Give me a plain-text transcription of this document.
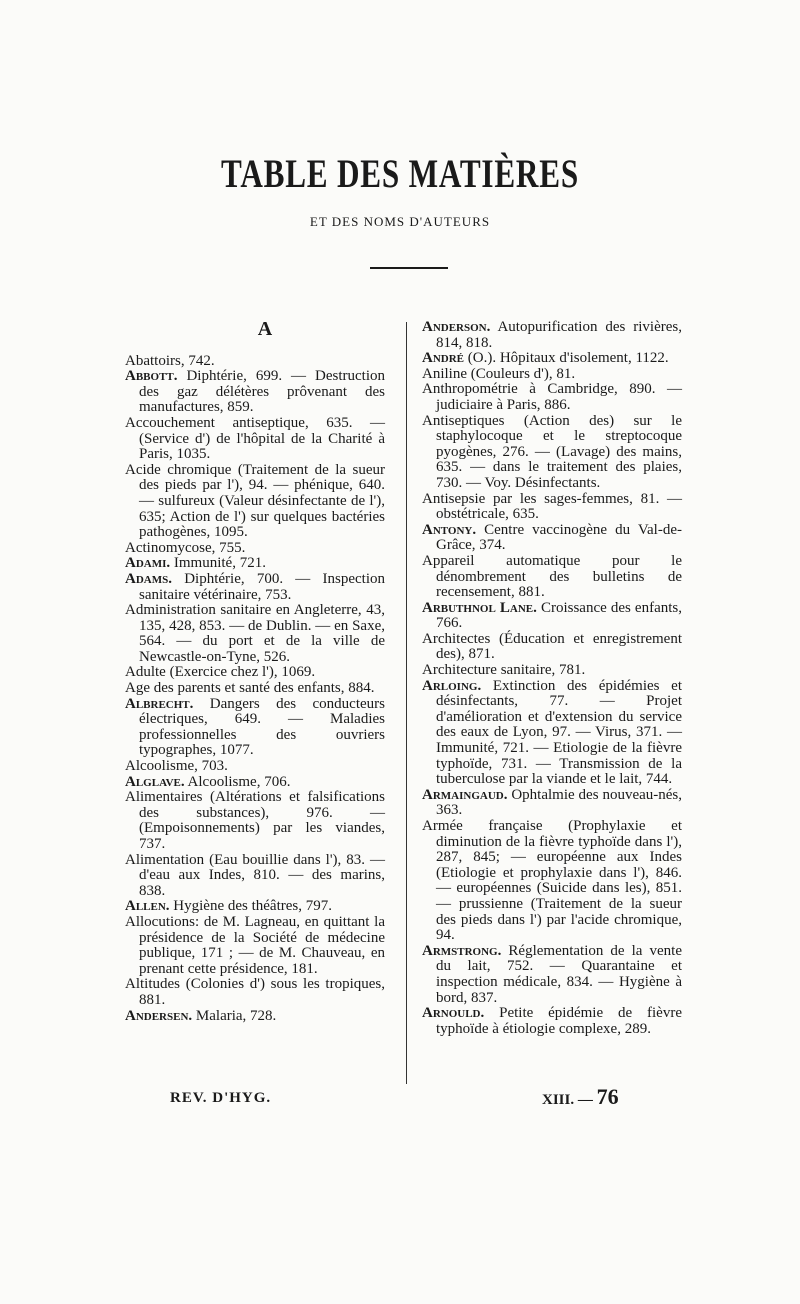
TABLE DES MATIÈRES
ET DES NOMS D'AUTEURS
A

Abattoirs, 742.

Abbott. Diphtérie, 699. — Destruction des gaz délétères prôvenant des manufactures, 859.

Accouchement antiseptique, 635. — (Service d') de l'hôpital de la Charité à Paris, 1035.

Acide chromique (Traitement de la sueur des pieds par l'), 94. — phénique, 640. — sulfureux (Valeur désinfectante de l'), 635; Action de l') sur quelques bactéries pathogènes, 1095.

Actinomycose, 755.

Adami. Immunité, 721.

Adams. Diphtérie, 700. — Inspection sanitaire vétérinaire, 753.

Administration sanitaire en Angleterre, 43, 135, 428, 853. — de Dublin. — en Saxe, 564. — du port et de la ville de Newcastle-on-Tyne, 526.

Adulte (Exercice chez l'), 1069.

Age des parents et santé des enfants, 884.

Albrecht. Dangers des conducteurs électriques, 649. — Maladies professionnelles des ouvriers typographes, 1077.

Alcoolisme, 703.

Alglave. Alcoolisme, 706.

Alimentaires (Altérations et falsifications des substances), 976. — (Empoisonnements) par les viandes, 737.

Alimentation (Eau bouillie dans l'), 83. — d'eau aux Indes, 810. — des marins, 838.

Allen. Hygiène des théâtres, 797.

Allocutions: de M. Lagneau, en quittant la présidence de la Société de médecine publique, 171 ; — de M. Chauveau, en prenant cette présidence, 181.

Altitudes (Colonies d') sous les tropiques, 881.

Andersen. Malaria, 728.

Anderson. Autopurification des rivières, 814, 818.

André (O.). Hôpitaux d'isolement, 1122.

Aniline (Couleurs d'), 81.

Anthropométrie à Cambridge, 890. — judiciaire à Paris, 886.

Antiseptiques (Action des) sur le staphylocoque et le streptocoque pyogènes, 276. — (Lavage) des mains, 635. — dans le traitement des plaies, 730. — Voy. Désinfectants.

Antisepsie par les sages-femmes, 81. — obstétricale, 635.

Antony. Centre vaccinogène du Val-de-Grâce, 374.

Appareil automatique pour le dénombrement des bulletins de recensement, 881.

Arbuthnol Lane. Croissance des enfants, 766.

Architectes (Éducation et enregistrement des), 871.

Architecture sanitaire, 781.

Arloing. Extinction des épidémies et désinfectants, 77. — Projet d'amélioration et d'extension du service des eaux de Lyon, 97. — Virus, 371. — Immunité, 721. — Etiologie de la fièvre typhoïde, 731. — Transmission de la tuberculose par la viande et le lait, 744.

Armaingaud. Ophtalmie des nouveau-nés, 363.

Armée française (Prophylaxie et diminution de la fièvre typhoïde dans l'), 287, 845; — européenne aux Indes (Etiologie et prophylaxie dans l'), 846. — européennes (Suicide dans les), 851. — prussienne (Traitement de la sueur des pieds dans l') par l'acide chromique, 94.

Armstrong. Réglementation de la vente du lait, 752. — Quarantaine et inspection médicale, 834. — Hygiène à bord, 837.

Arnould. Petite épidémie de fièvre typhoïde à étiologie complexe, 289.

REV. D'HYG.	XIII. — 76
